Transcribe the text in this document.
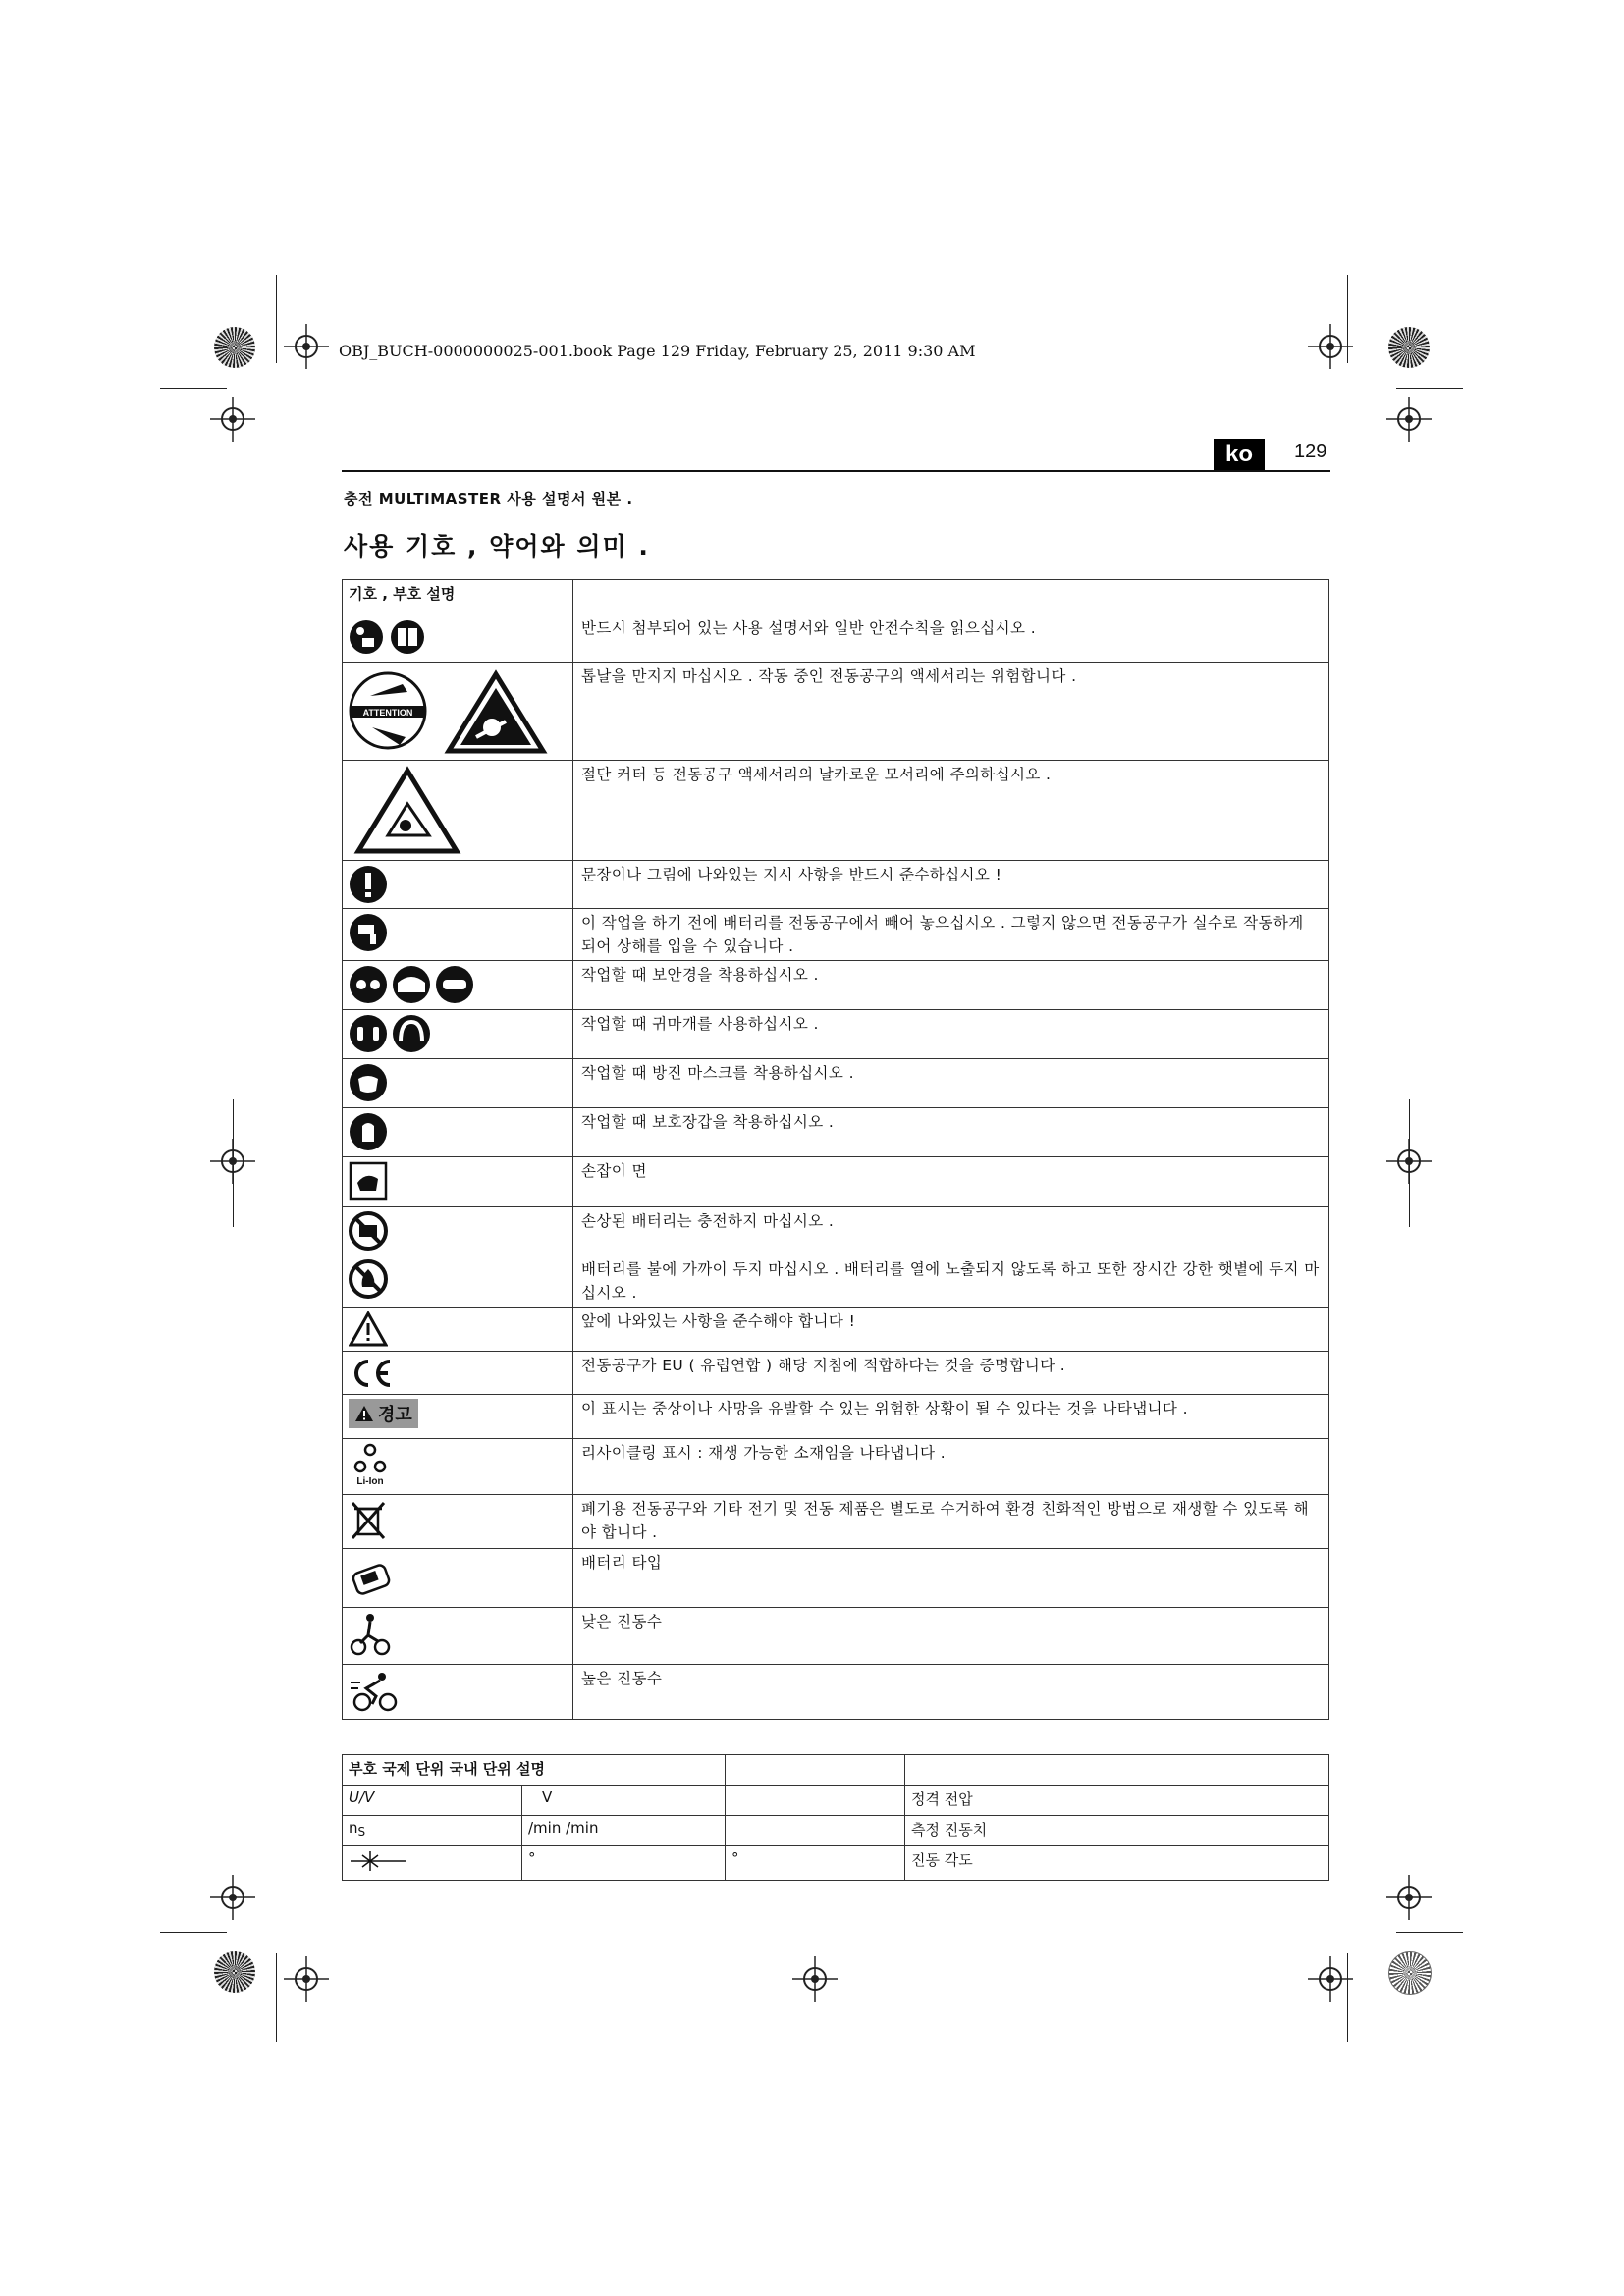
OBJ_BUCH-0000000025-001.book Page 129 Friday, February 25, 2011 9:30 AM
ko	129
충전 MULTIMASTER 사용 설명서 원본 .
사용 기호 , 약어와 의미 .
기호 , 부호 설명	
	반드시 첨부되어 있는 사용 설명서와 일반 안전수칙을 읽으십시오 .

ATTENTION	톱날을 만지지 마십시오 . 작동 중인 전동공구의 액세서리는 위험합니다 .
	절단 커터 등 전동공구 액세서리의 날카로운 모서리에 주의하십시오 .
	문장이나 그림에 나와있는 지시 사항을 반드시 준수하십시오 !
	이 작업을 하기 전에 배터리를 전동공구에서 빼어 놓으십시오 . 그렇지 않으면 전동공구가 실수로 작동하게 되어 상해를 입을 수 있습니다 .
	작업할 때 보안경을 착용하십시오 .
	작업할 때 귀마개를 사용하십시오 .
	작업할 때 방진 마스크를 착용하십시오 .
	작업할 때 보호장갑을 착용하십시오 .
	손잡이 면
	손상된 배터리는 충전하지 마십시오 .
	배터리를 불에 가까이 두지 마십시오 . 배터리를 열에 노출되지 않도록 하고 또한 장시간 강한 햇볕에 두지 마십시오 .
	앞에 나와있는 사항을 준수해야 합니다 !
	전동공구가 EU ( 유럽연합 ) 해당 지침에 적합하다는 것을 증명합니다 .

경고	이 표시는 중상이나 사망을 유발할 수 있는 위험한 상황이 될 수 있다는 것을 나타냅니다 .

Li-Ion	리사이클링 표시 : 재생 가능한 소재임을 나타냅니다 .
	폐기용 전동공구와 기타 전기 및 전동 제품은 별도로 수거하여 환경 친화적인 방법으로 재생할 수 있도록 해야 합니다 .
	배터리 타입
	낮은 진동수
	높은 진동수
부호 국제 단위 국내 단위 설명			
U/V	V		정격 전압
$n_S$	/min /min		측정 진동치
	°	°	진동 각도
